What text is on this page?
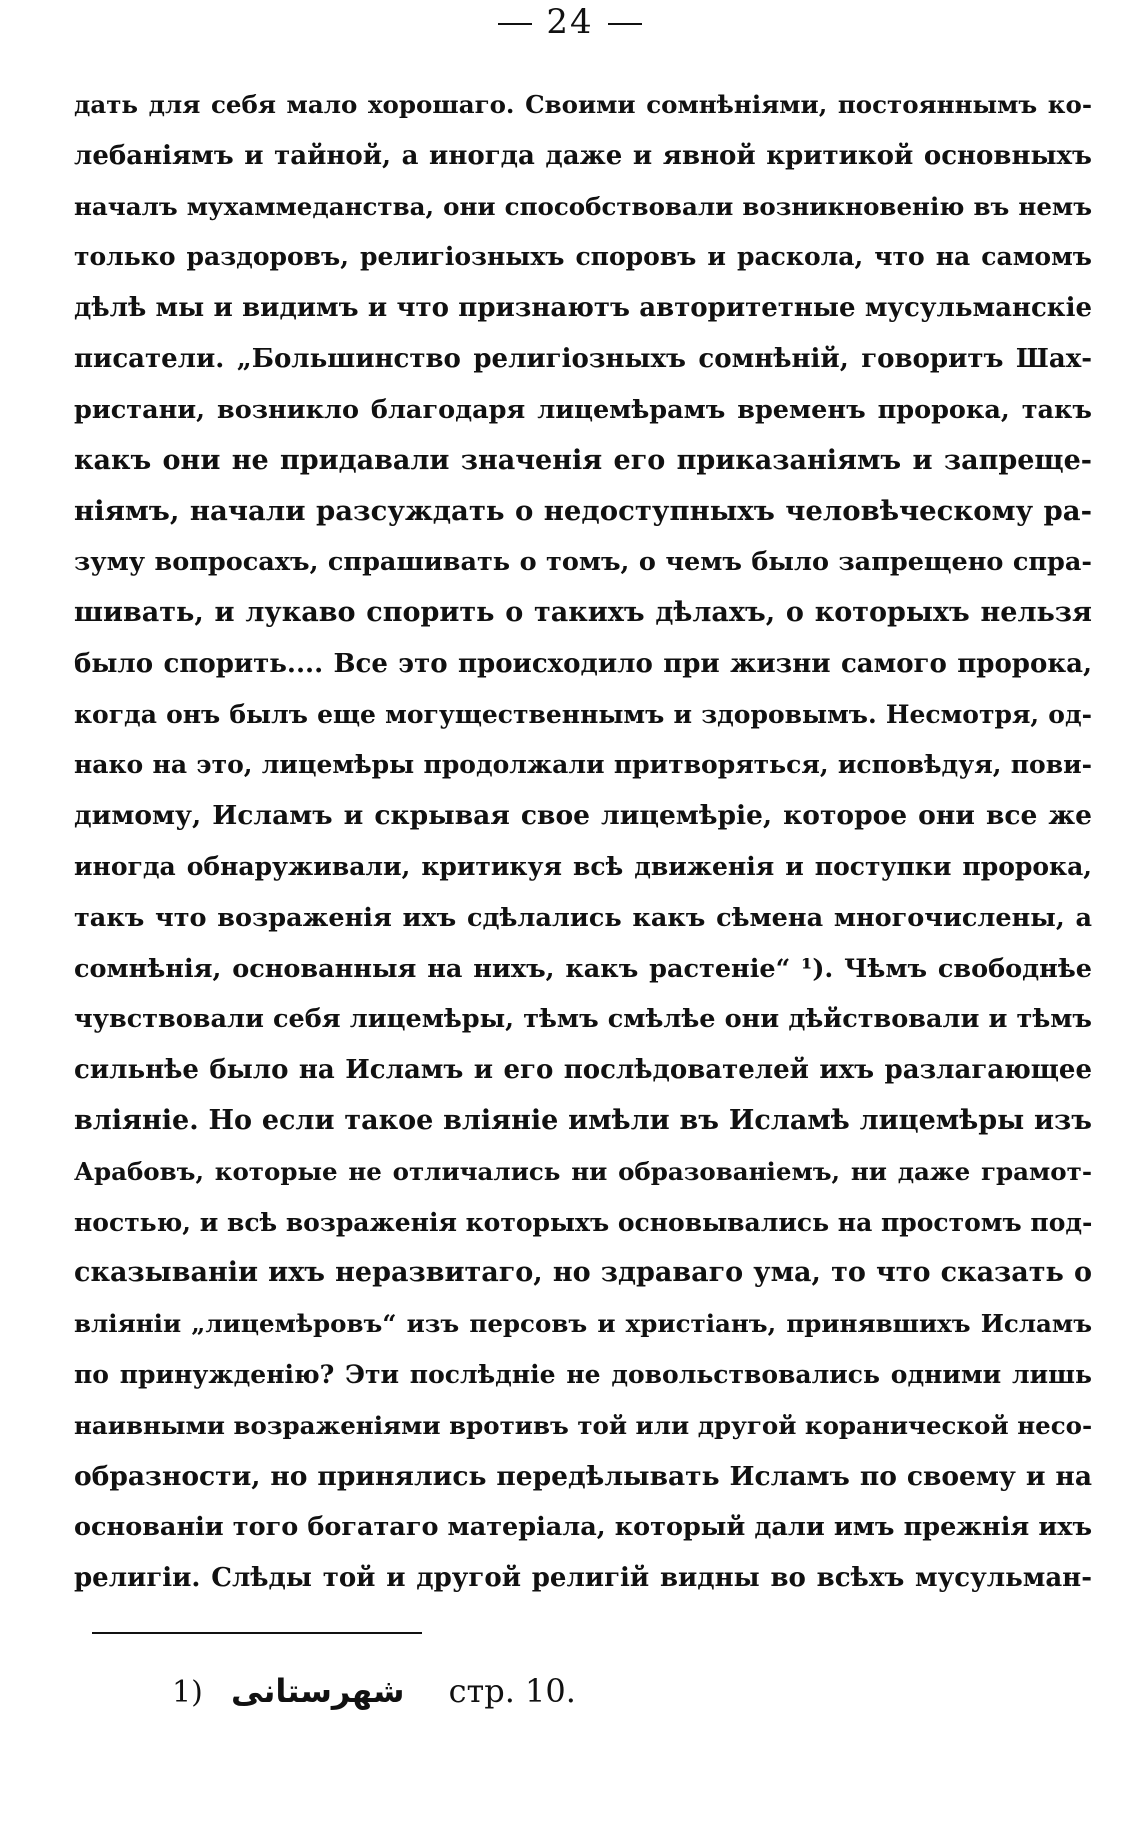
24
дать для себя мало хорошаго. Своими сомнѣніями, постояннымъ ко-
лебаніямъ и тайной, а иногда даже и явной критикой основныхъ
началъ мухаммеданства, они способствовали возникновенію въ немъ
только раздоровъ, религіозныхъ споровъ и раскола, что на самомъ
дѣлѣ мы и видимъ и что признаютъ авторитетные мусульманскіе
писатели. „Большинство религіозныхъ сомнѣній, говоритъ Шах-
ристани, возникло благодаря лицемѣрамъ временъ пророка, такъ
какъ они не придавали значенія его приказаніямъ и запреще-
ніямъ, начали разсуждать о недоступныхъ человѣческому ра-
зуму вопросахъ, спрашивать о томъ, о чемъ было запрещено спра-
шивать, и лукаво спорить о такихъ дѣлахъ, о которыхъ нельзя
было спорить.... Все это происходило при жизни самого пророка,
когда онъ былъ еще могущественнымъ и здоровымъ. Несмотря, од-
нако на это, лицемѣры продолжали притворяться, исповѣдуя, пови-
димому, Исламъ и скрывая свое лицемѣріе, которое они все же
иногда обнаруживали, критикуя всѣ движенія и поступки пророка,
такъ что возраженія ихъ сдѣлались какъ сѣмена многочислены, а
сомнѣнія, основанныя на нихъ, какъ растеніе“ ¹). Чѣмъ свободнѣе
чувствовали себя лицемѣры, тѣмъ смѣлѣе они дѣйствовали и тѣмъ
сильнѣе было на Исламъ и его послѣдователей ихъ разлагающее
вліяніе. Но если такое вліяніе имѣли въ Исламѣ лицемѣры изъ
Арабовъ, которые не отличались ни образованіемъ, ни даже грамот-
ностью, и всѣ возраженія которыхъ основывались на простомъ под-
сказываніи ихъ неразвитаго, но здраваго ума, то что сказать о
вліяніи „лицемѣровъ“ изъ персовъ и христіанъ, принявшихъ Исламъ
по принужденію? Эти послѣдніе не довольствовались одними лишь
наивными возраженіями вротивъ той или другой коранической несо-
образности, но принялись передѣлывать Исламъ по своему и на
основаніи того богатаго матеріала, который дали имъ прежнія ихъ
религіи. Слѣды той и другой религій видны во всѣхъ мусульман-
1) شهرستانی стр. 10.
